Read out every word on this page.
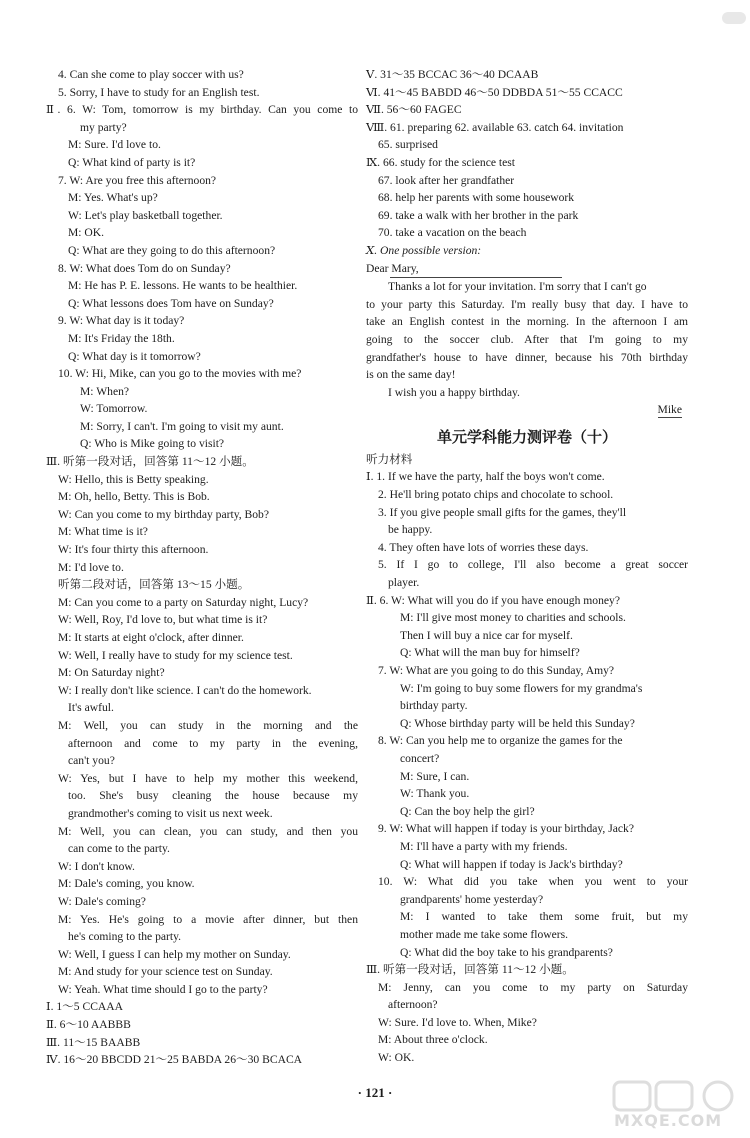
4. Can she come to play soccer with us?
5. Sorry, I have to study for an English test.
Ⅱ. 6. W: Tom, tomorrow is my birthday. Can you come to
my party?
M: Sure. I'd love to.
Q: What kind of party is it?
7. W: Are you free this afternoon?
M: Yes. What's up?
W: Let's play basketball together.
M: OK.
Q: What are they going to do this afternoon?
8. W: What does Tom do on Sunday?
M: He has P. E. lessons. He wants to be healthier.
Q: What lessons does Tom have on Sunday?
9. W: What day is it today?
M: It's Friday the 18th.
Q: What day is it tomorrow?
10. W: Hi, Mike, can you go to the movies with me?
M: When?
W: Tomorrow.
M: Sorry, I can't. I'm going to visit my aunt.
Q: Who is Mike going to visit?
Ⅲ. 听第一段对话，回答第 11～12 小题。
W: Hello, this is Betty speaking.
M: Oh, hello, Betty. This is Bob.
W: Can you come to my birthday party, Bob?
M: What time is it?
W: It's four thirty this afternoon.
M: I'd love to.
听第二段对话，回答第 13～15 小题。
M: Can you come to a party on Saturday night, Lucy?
W: Well, Roy, I'd love to, but what time is it?
M: It starts at eight o'clock, after dinner.
W: Well, I really have to study for my science test.
M: On Saturday night?
W: I really don't like science. I can't do the homework.
It's awful.
M: Well, you can study in the morning and the
afternoon and come to my party in the evening,
can't you?
W: Yes, but I have to help my mother this weekend,
too. She's busy cleaning the house because my
grandmother's coming to visit us next week.
M: Well, you can clean, you can study, and then you
can come to the party.
W: I don't know.
M: Dale's coming, you know.
W: Dale's coming?
M: Yes. He's going to a movie after dinner, but then
he's coming to the party.
W: Well, I guess I can help my mother on Sunday.
M: And study for your science test on Sunday.
W: Yeah. What time should I go to the party?
Ⅰ. 1～5 CCAAA
Ⅱ. 6～10 AABBB
Ⅲ. 11～15 BAABB
Ⅳ. 16～20 BBCDD 21～25 BABDA 26～30 BCACA
Ⅴ. 31～35 BCCAC 36～40 DCAAB
Ⅵ. 41～45 BABDD 46～50 DDBDA 51～55 CCACC
Ⅶ. 56～60 FAGEC
Ⅷ. 61. preparing 62. available 63. catch 64. invitation
65. surprised
Ⅸ. 66. study for the science test
67. look after her grandfather
68. help her parents with some housework
69. take a walk with her brother in the park
70. take a vacation on the beach
Ⅹ. One possible version:
Dear Mary,
Thanks a lot for your invitation. I'm sorry that I can't go
to your party this Saturday. I'm really busy that day. I have to
take an English contest in the morning. In the afternoon I am
going to the soccer club. After that I'm going to my
grandfather's house to have dinner, because his 70th birthday
is on the same day!
I wish you a happy birthday.
Mike
单元学科能力测评卷（十）
听力材料
Ⅰ. 1. If we have the party, half the boys won't come.
2. He'll bring potato chips and chocolate to school.
3. If you give people small gifts for the games, they'll
be happy.
4. They often have lots of worries these days.
5. If I go to college, I'll also become a great soccer
player.
Ⅱ. 6. W: What will you do if you have enough money?
M: I'll give most money to charities and schools.
Then I will buy a nice car for myself.
Q: What will the man buy for himself?
7. W: What are you going to do this Sunday, Amy?
W: I'm going to buy some flowers for my grandma's
birthday party.
Q: Whose birthday party will be held this Sunday?
8. W: Can you help me to organize the games for the
concert?
M: Sure, I can.
W: Thank you.
Q: Can the boy help the girl?
9. W: What will happen if today is your birthday, Jack?
M: I'll have a party with my friends.
Q: What will happen if today is Jack's birthday?
10. W: What did you take when you went to your
grandparents' home yesterday?
M: I wanted to take them some fruit, but my
mother made me take some flowers.
Q: What did the boy take to his grandparents?
Ⅲ. 听第一段对话，回答第 11～12 小题。
M: Jenny, can you come to my party on Saturday
afternoon?
W: Sure. I'd love to. When, Mike?
M: About three o'clock.
W: OK.
· 121 ·
MXQE.COM
